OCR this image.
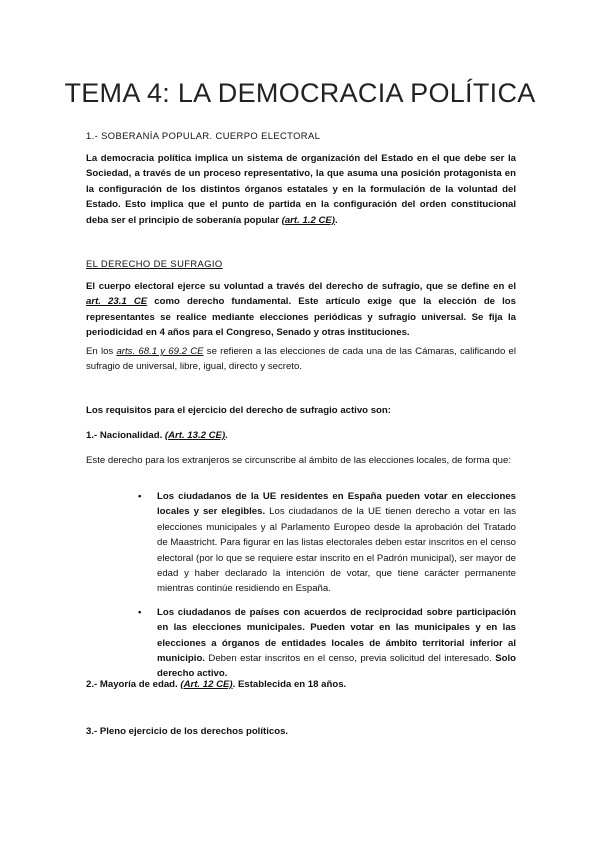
TEMA 4: LA DEMOCRACIA POLÍTICA

1.- SOBERANÍA POPULAR. CUERPO ELECTORAL

La democracia política implica un sistema de organización del Estado en el que debe ser la Sociedad, a través de un proceso representativo, la que asuma una posición protagonista en la configuración de los distintos órganos estatales y en la formulación de la voluntad del Estado. Esto implica que el punto de partida en la configuración del orden constitucional deba ser el principio de soberanía popular (art. 1.2 CE).

EL DERECHO DE SUFRAGIO

El cuerpo electoral ejerce su voluntad a través del derecho de sufragio, que se define en el art. 23.1 CE como derecho fundamental. Este artículo exige que la elección de los representantes se realice mediante elecciones periódicas y sufragio universal. Se fija la periodicidad en 4 años para el Congreso, Senado y otras instituciones.

En los arts. 68.1 y 69.2 CE se refieren a las elecciones de cada una de las Cámaras, calificando el sufragio de universal, libre, igual, directo y secreto.

Los requisitos para el ejercicio del derecho de sufragio activo son:

1.- Nacionalidad. (Art. 13.2 CE).

Este derecho para los extranjeros se circunscribe al ámbito de las elecciones locales, de forma que:

• Los ciudadanos de la UE residentes en España pueden votar en elecciones locales y ser elegibles. Los ciudadanos de la UE tienen derecho a votar en las elecciones municipales y al Parlamento Europeo desde la aprobación del Tratado de Maastricht. Para figurar en las listas electorales deben estar inscritos en el censo electoral (por lo que se requiere estar inscrito en el Padrón municipal), ser mayor de edad y haber declarado la intención de votar, que tiene carácter permanente mientras continúe residiendo en España.
• Los ciudadanos de países con acuerdos de reciprocidad sobre participación en las elecciones municipales. Pueden votar en las municipales y en las elecciones a órganos de entidades locales de ámbito territorial inferior al municipio. Deben estar inscritos en el censo, previa solicitud del interesado. Solo derecho activo.

2.- Mayoría de edad. (Art. 12 CE). Establecida en 18 años.

3.- Pleno ejercicio de los derechos políticos.
